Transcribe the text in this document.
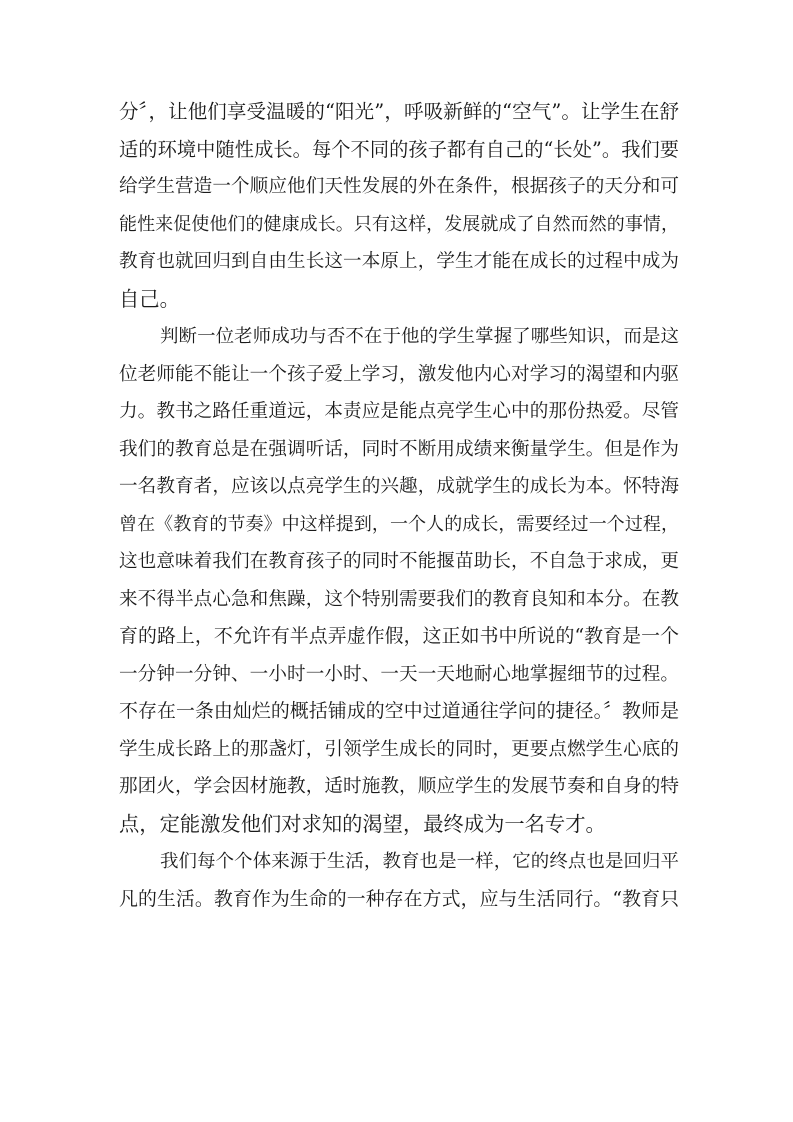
分〞，让他们享受温暖的“阳光”，呼吸新鲜的“空气”。让学生在舒
适的环境中随性成长。每个不同的孩子都有自己的“长处”。我们要
给学生营造一个顺应他们天性发展的外在条件，根据孩子的天分和可
能性来促使他们的健康成长。只有这样，发展就成了自然而然的事情，
教育也就回归到自由生长这一本原上，学生才能在成长的过程中成为
自己。
判断一位老师成功与否不在于他的学生掌握了哪些知识，而是这
位老师能不能让一个孩子爱上学习，激发他内心对学习的渴望和内驱
力。教书之路任重道远，本责应是能点亮学生心中的那份热爱。尽管
我们的教育总是在强调听话，同时不断用成绩来衡量学生。但是作为
一名教育者，应该以点亮学生的兴趣，成就学生的成长为本。怀特海
曾在《教育的节奏》中这样提到，一个人的成长，需要经过一个过程，
这也意味着我们在教育孩子的同时不能揠苗助长，不自急于求成，更
来不得半点心急和焦躁，这个特别需要我们的教育良知和本分。在教
育的路上，不允许有半点弄虚作假，这正如书中所说的“教育是一个
一分钟一分钟、一小时一小时、一天一天地耐心地掌握细节的过程。
不存在一条由灿烂的概括铺成的空中过道通往学问的捷径。〞教师是
学生成长路上的那盏灯，引领学生成长的同时，更要点燃学生心底的
那团火，学会因材施教，适时施教，顺应学生的发展节奏和自身的特
点，定能激发他们对求知的渴望，最终成为一名专才。
我们每个个体来源于生活，教育也是一样，它的终点也是回归平
凡的生活。教育作为生命的一种存在方式，应与生活同行。“教育只
